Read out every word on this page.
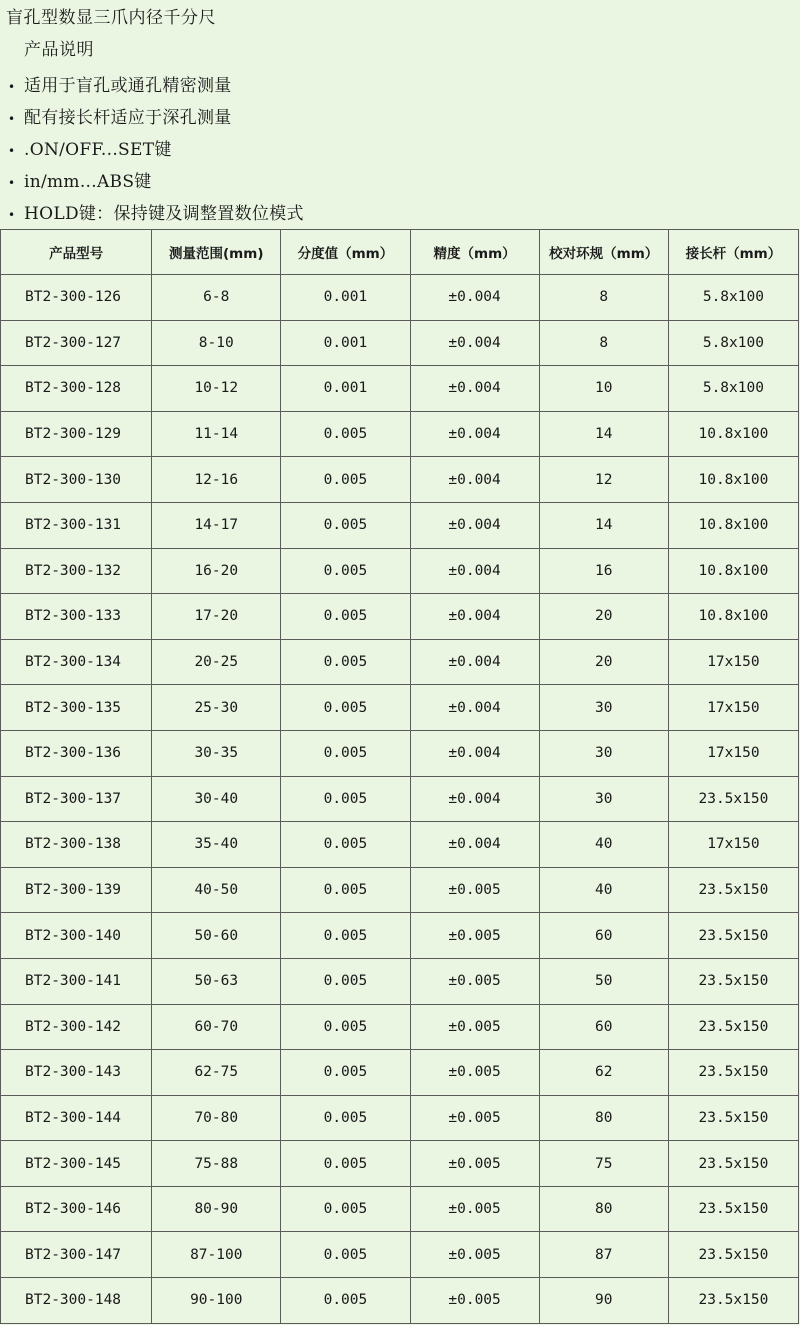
盲孔型数显三爪内径千分尺
产品说明
• 适用于盲孔或通孔精密测量
• 配有接长杆适应于深孔测量
• .ON/OFF...SET键
• in/mm...ABS键
• HOLD键：保持键及调整置数位模式
产品型号	测量范围(mm)	分度值（mm）	精度（mm）	校对环规（mm）	接长杆（mm）
BT2-300-126	6-8	0.001	±0.004	8	5.8x100
BT2-300-127	8-10	0.001	±0.004	8	5.8x100
BT2-300-128	10-12	0.001	±0.004	10	5.8x100
BT2-300-129	11-14	0.005	±0.004	14	10.8x100
BT2-300-130	12-16	0.005	±0.004	12	10.8x100
BT2-300-131	14-17	0.005	±0.004	14	10.8x100
BT2-300-132	16-20	0.005	±0.004	16	10.8x100
BT2-300-133	17-20	0.005	±0.004	20	10.8x100
BT2-300-134	20-25	0.005	±0.004	20	17x150
BT2-300-135	25-30	0.005	±0.004	30	17x150
BT2-300-136	30-35	0.005	±0.004	30	17x150
BT2-300-137	30-40	0.005	±0.004	30	23.5x150
BT2-300-138	35-40	0.005	±0.004	40	17x150
BT2-300-139	40-50	0.005	±0.005	40	23.5x150
BT2-300-140	50-60	0.005	±0.005	60	23.5x150
BT2-300-141	50-63	0.005	±0.005	50	23.5x150
BT2-300-142	60-70	0.005	±0.005	60	23.5x150
BT2-300-143	62-75	0.005	±0.005	62	23.5x150
BT2-300-144	70-80	0.005	±0.005	80	23.5x150
BT2-300-145	75-88	0.005	±0.005	75	23.5x150
BT2-300-146	80-90	0.005	±0.005	80	23.5x150
BT2-300-147	87-100	0.005	±0.005	87	23.5x150
BT2-300-148	90-100	0.005	±0.005	90	23.5x150
